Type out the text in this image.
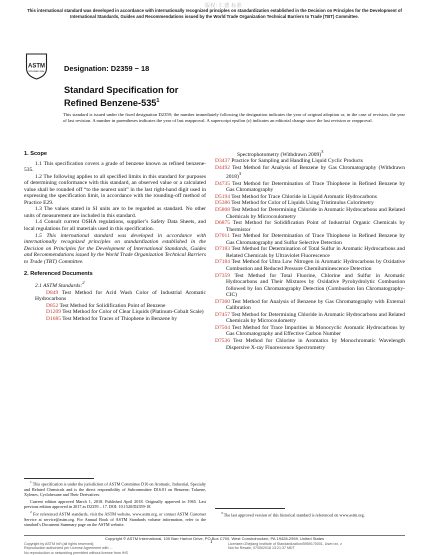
版权: 仁德 标准
This international standard was developed in accordance with internationally recognized principles on standardization established in the Decision on Principles for the Development of International Standards, Guides and Recommendations issued by the World Trade Organization Technical Barriers to Trade (TBT) Committee.
ASTM
INTERNATIONAL	Designation: D2359 − 18
Standard Specification for
Refined Benzene-$535^1$
This standard is issued under the fixed designation D2359; the number immediately following the designation indicates the year of original adoption or, in the case of revision, the year of last revision. A number in parentheses indicates the year of last reapproval. A superscript epsilon (ε) indicates an editorial change since the last revision or reapproval.

1. Scope

1.1 This specification covers a grade of benzene known as refined benzene-535.

1.2 The following applies to all specified limits in this standard for purposes of determining conformance with this standard, an observed value or a calculated value shall be rounded off “to the nearest unit” in the last right-hand digit used in expressing the specification limit, in accordance with the rounding-off method of Practice E29.

1.3 The values stated in SI units are to be regarded as standard. No other units of measurement are included in this standard.

1.4 Consult current OSHA regulations, supplier’s Safety Data Sheets, and local regulations for all materials used in this specification.

1.5 This international standard was developed in accordance with internationally recognized principles on standardization established in the Decision on Principles for the Development of International Standards, Guides and Recommendations issued by the World Trade Organization Technical Barriers to Trade (TBT) Committee.

2. Referenced Documents

2.1 ASTM Standards:$^2$

D849 Test Method for Acid Wash Color of Industrial Aromatic Hydrocarbons

D852 Test Method for Solidification Point of Benzene

D1209 Test Method for Color of Clear Liquids (Platinum-Cobalt Scale)

D1685 Test Method for Traces of Thiophene in Benzene by

$^1$ This specification is under the jurisdiction of ASTM Committee D16 on Aromatic, Industrial, Specialty and Related Chemicals and is the direct responsibility of Subcommittee D16.01 on Benzene, Toluene, Xylenes, Cyclohexane and Their Derivatives.

Current edition approved March 1, 2018. Published April 2018. Originally approved in 1965. Last previous edition approved in 2017 as D2359 – 17. DOI: 10.1520/D2359-18.

$^2$ For referenced ASTM standards, visit the ASTM website, www.astm.org, or contact ASTM Customer Service at service@astm.org. For Annual Book of ASTM Standards volume information, refer to the standard’s Document Summary page on the ASTM website.

Spectrophotometry (Withdrawn 2009)$^3$

D3437 Practice for Sampling and Handling Liquid Cyclic Products

D4492 Test Method for Analysis of Benzene by Gas Chromatography (Withdrawn 2018)$^3$

D4735 Test Method for Determination of Trace Thiophene in Refined Benzene by Gas Chromatography

D5194 Test Method for Trace Chloride in Liquid Aromatic Hydrocarbons

D5386 Test Method for Color of Liquids Using Tristimulus Colorimetry

D5808 Test Method for Determining Chloride in Aromatic Hydrocarbons and Related Chemicals by Microcoulometry

D6875 Test Method for Solidification Point of Industrial Organic Chemicals by Thermistor

D7011 Test Method for Determination of Trace Thiophene in Refined Benzene by Gas Chromatography and Sulfur Selective Detection

D7183 Test Method for Determination of Total Sulfur in Aromatic Hydrocarbons and Related Chemicals by Ultraviolet Fluorescence

D7184 Test Method for Ultra Low Nitrogen in Aromatic Hydrocarbons by Oxidative Combustion and Reduced Pressure Chemiluminescence Detection

D7359 Test Method for Total Fluorine, Chlorine and Sulfur in Aromatic Hydrocarbons and Their Mixtures by Oxidative Pyrohydrolytic Combustion followed by Ion Chromatography Detection (Combustion Ion Chromatography-CIC)

D7360 Test Method for Analysis of Benzene by Gas Chromatography with External Calibration

D7457 Test Method for Determining Chloride in Aromatic Hydrocarbons and Related Chemicals by Microcoulometry

D7504 Test Method for Trace Impurities in Monocyclic Aromatic Hydrocarbons by Gas Chromatography and Effective Carbon Number

D7536 Test Method for Chlorine in Aromatics by Monochromatic Wavelength Dispersive X-ray Fluorescence Spectrometry

$^3$ The last approved version of this historical standard is referenced on www.astm.org.

Copyright © ASTM International, 100 Barr Harbor Drive, PO Box C700, West Conshohocken, PA 19428-2959. United States
1
Copyright by ASTM Int'l (all rights reserved);
Reproduction authorized per License Agreement with ...
No reproduction or networking permitted without license from IHS
Licensee=Zhejiang Institute of Standardization/5959170001, User=xx, z
Not for Resale, 07/05/2018 13:21:37 MDT
